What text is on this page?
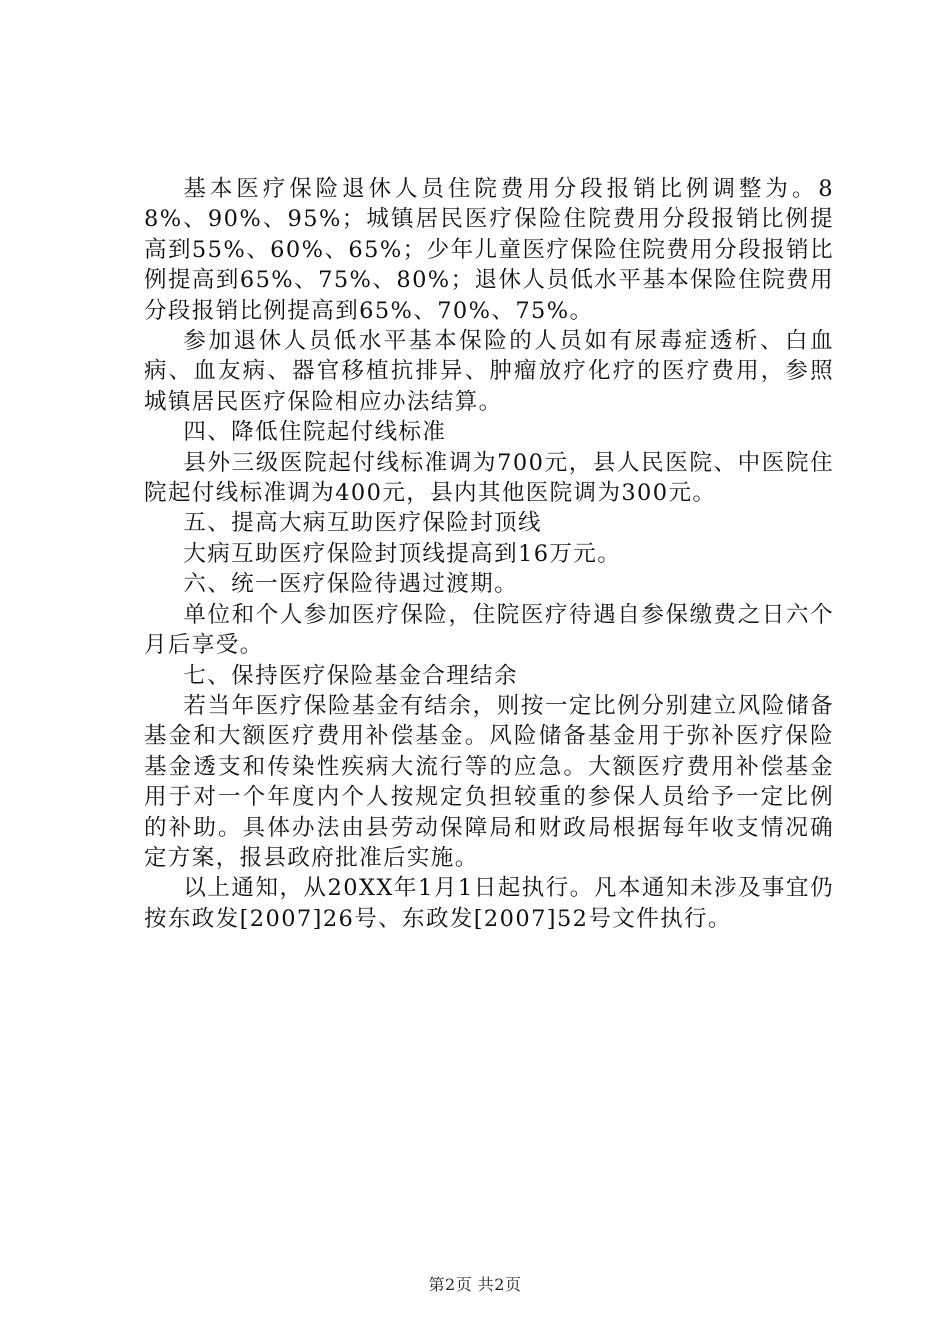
基本医疗保险退休人员住院费用分段报销比例调整为。88%、90%、95%；城镇居民医疗保险住院费用分段报销比例提高到55%、60%、65%；少年儿童医疗保险住院费用分段报销比例提高到65%、75%、80%；退休人员低水平基本保险住院费用分段报销比例提高到65%、70%、75%。

参加退休人员低水平基本保险的人员如有尿毒症透析、白血病、血友病、器官移植抗排异、肿瘤放疗化疗的医疗费用，参照城镇居民医疗保险相应办法结算。

四、降低住院起付线标准

县外三级医院起付线标准调为700元，县人民医院、中医院住院起付线标准调为400元，县内其他医院调为300元。

五、提高大病互助医疗保险封顶线

大病互助医疗保险封顶线提高到16万元。

六、统一医疗保险待遇过渡期。

单位和个人参加医疗保险，住院医疗待遇自参保缴费之日六个月后享受。

七、保持医疗保险基金合理结余

若当年医疗保险基金有结余，则按一定比例分别建立风险储备基金和大额医疗费用补偿基金。风险储备基金用于弥补医疗保险基金透支和传染性疾病大流行等的应急。大额医疗费用补偿基金用于对一个年度内个人按规定负担较重的参保人员给予一定比例的补助。具体办法由县劳动保障局和财政局根据每年收支情况确定方案，报县政府批准后实施。

以上通知，从20XX年1月1日起执行。凡本通知未涉及事宜仍按东政发[2007]26号、东政发[2007]52号文件执行。

第2页 共2页
